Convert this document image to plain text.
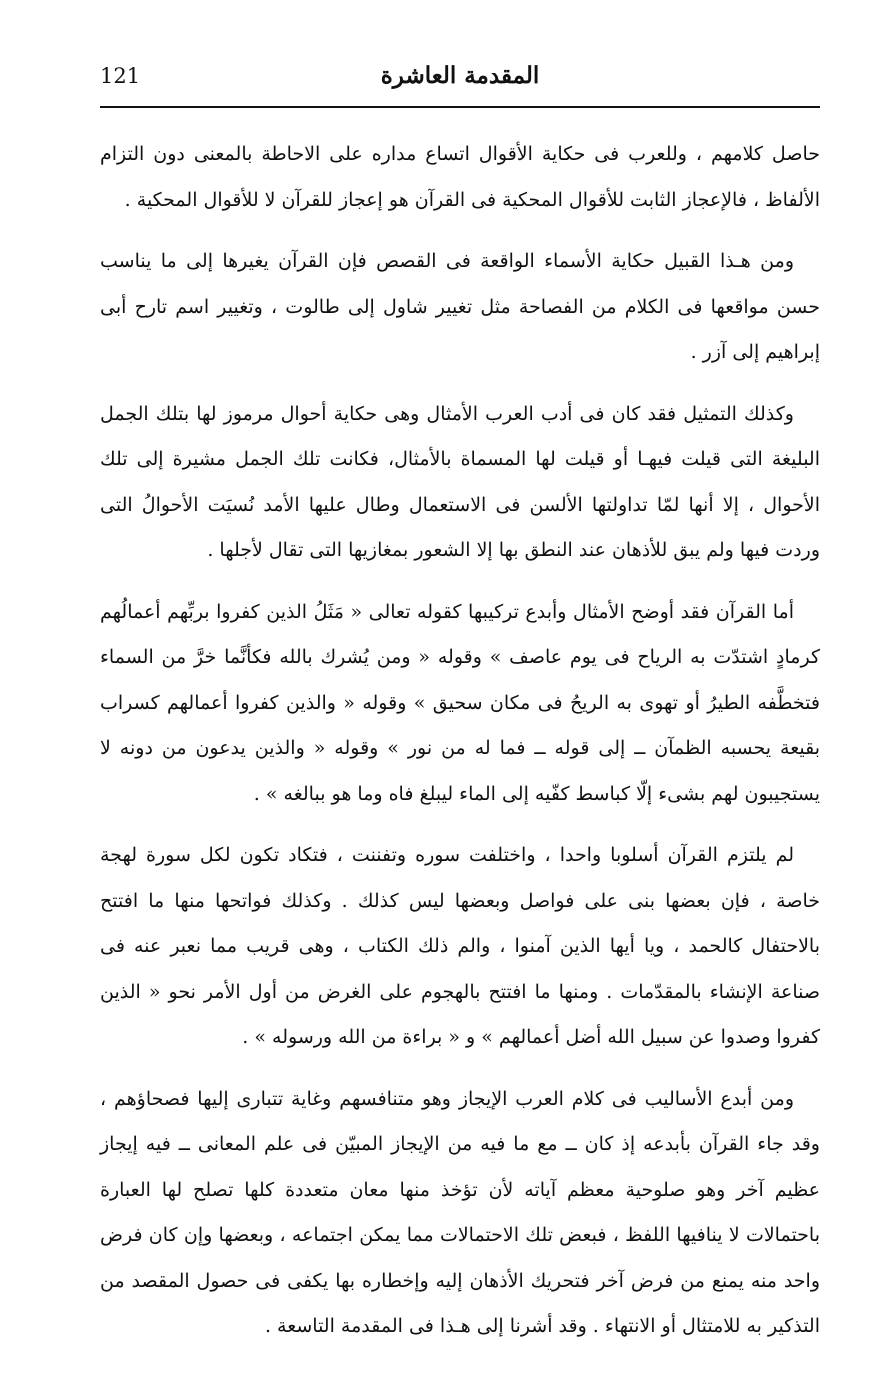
121	المقدمة العاشرة

حاصل كلامهم ، وللعرب فى حكاية الأقوال اتساع مداره على الاحاطة بالمعنى دون التزام الألفاظ ، فالإعجاز الثابت للأقوال المحكية فى القرآن هو إعجاز للقرآن لا للأقوال المحكية .

ومن هـذا القبيل حكاية الأسماء الواقعة فى القصص فإن القرآن يغيرها إلى ما يناسب حسن مواقعها فى الكلام من الفصاحة مثل تغيير شاول إلى طالوت ، وتغيير اسم تارح أبى إبراهيم إلى آزر .

وكذلك التمثيل فقد كان فى أدب العرب الأمثال وهى حكاية أحوال مرموز لها بتلك الجمل البليغة التى قيلت فيهـا أو قيلت لها المسماة بالأمثال، فكانت تلك الجمل مشيرة إلى تلك الأحوال ، إلا أنها لمّا تداولتها الألسن فى الاستعمال وطال عليها الأمد نُسيَت الأحوالُ التى وردت فيها ولم يبق للأذهان عند النطق بها إلا الشعور بمغازيها التى تقال لأجلها .

أما القرآن فقد أوضح الأمثال وأبدع تركيبها كقوله تعالى « مَثَلُ الذين كفروا بربِّهم أعمالُهم كرمادٍ اشتدّت به الرياح فى يوم عاصف » وقوله « ومن يُشرك بالله فكأنَّما خرَّ من السماء فتخطَّفه الطيرُ أو تهوى به الريحُ فى مكان سحيق » وقوله « والذين كفروا أعمالهم كسراب بقيعة يحسبه الظمآن ــ إلى قوله ــ فما له من نور » وقوله « والذين يدعون من دونه لا يستجيبون لهم بشىء إلّا كباسط كفّيه إلى الماء ليبلغ فاه وما هو ببالغه » .

لم يلتزم القرآن أسلوبا واحدا ، واختلفت سوره وتفننت ، فتكاد تكون لكل سورة لهجة خاصة ، فإن بعضها بنى على فواصل وبعضها ليس كذلك . وكذلك فواتحها منها ما افتتح بالاحتفال كالحمد ، ويا أيها الذين آمنوا ، والم ذلك الكتاب ، وهى قريب مما نعبر عنه فى صناعة الإنشاء بالمقدّمات . ومنها ما افتتح بالهجوم على الغرض من أول الأمر نحو « الذين كفروا وصدوا عن سبيل الله أضل أعمالهم » و « براءة من الله ورسوله » .

ومن أبدع الأساليب فى كلام العرب الإيجاز وهو متنافسهم وغاية تتبارى إليها فصحاؤهم ، وقد جاء القرآن بأبدعه إذ كان ــ مع ما فيه من الإيجاز المبيّن فى علم المعانى ــ فيه إيجاز عظيم آخر وهو صلوحية معظم آياته لأن تؤخذ منها معان متعددة كلها تصلح لها العبارة باحتمالات لا ينافيها اللفظ ، فبعض تلك الاحتمالات مما يمكن اجتماعه ، وبعضها وإن كان فرض واحد منه يمنع من فرض آخر فتحريك الأذهان إليه وإخطاره بها يكفى فى حصول المقصد من التذكير به للامتثال أو الانتهاء . وقد أشرنا إلى هـذا فى المقدمة التاسعة .
